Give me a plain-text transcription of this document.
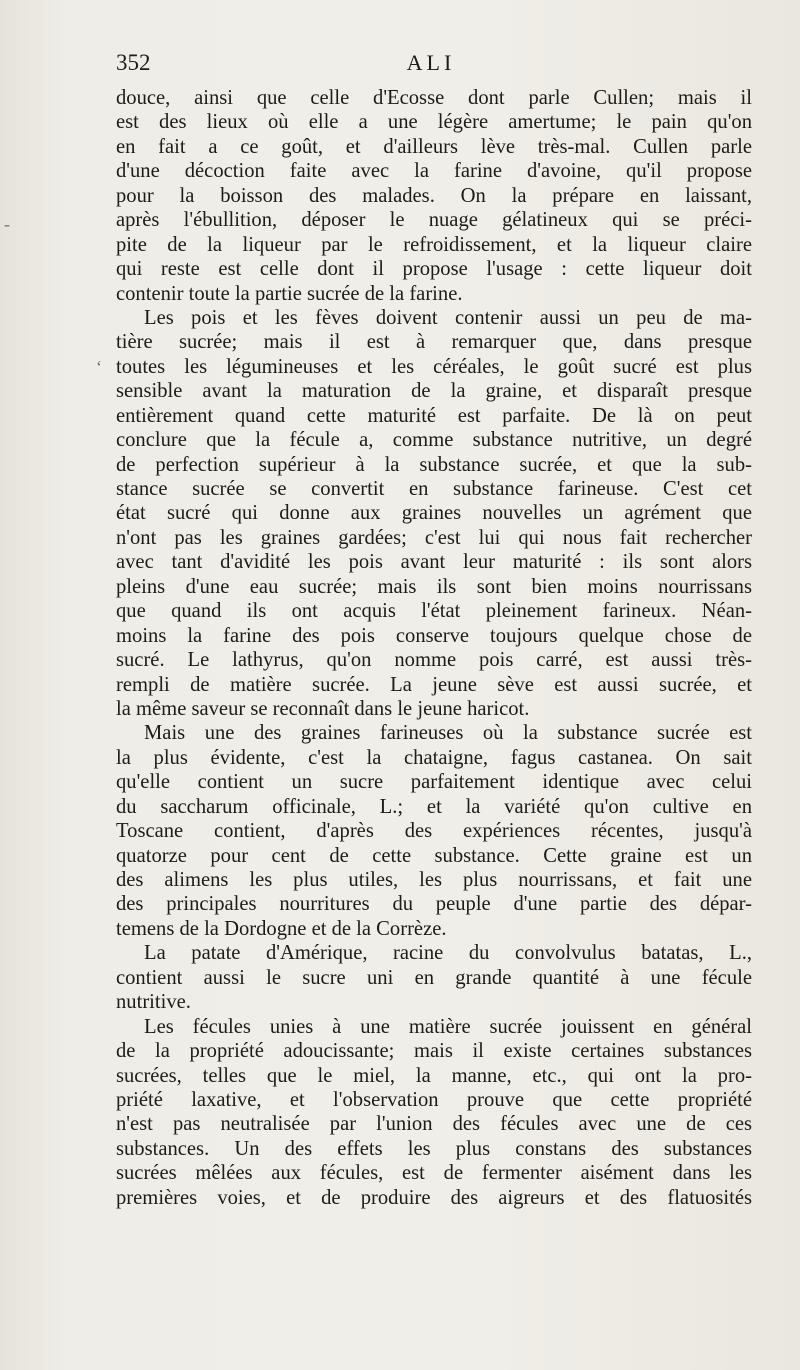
352	ALI
douce, ainsi que celle d'Ecosse dont parle Cullen; mais il
est des lieux où elle a une légère amertume; le pain qu'on
en fait a ce goût, et d'ailleurs lève très-mal. Cullen parle
d'une décoction faite avec la farine d'avoine, qu'il propose
pour la boisson des malades. On la prépare en laissant,
après l'ébullition, déposer le nuage gélatineux qui se préci-
pite de la liqueur par le refroidissement, et la liqueur claire
qui reste est celle dont il propose l'usage : cette liqueur doit
contenir toute la partie sucrée de la farine.
Les pois et les fèves doivent contenir aussi un peu de ma-
tière sucrée; mais il est à remarquer que, dans presque
toutes les légumineuses et les céréales, le goût sucré est plus
sensible avant la maturation de la graine, et disparaît presque
entièrement quand cette maturité est parfaite. De là on peut
conclure que la fécule a, comme substance nutritive, un degré
de perfection supérieur à la substance sucrée, et que la sub-
stance sucrée se convertit en substance farineuse. C'est cet
état sucré qui donne aux graines nouvelles un agrément que
n'ont pas les graines gardées; c'est lui qui nous fait rechercher
avec tant d'avidité les pois avant leur maturité : ils sont alors
pleins d'une eau sucrée; mais ils sont bien moins nourrissans
que quand ils ont acquis l'état pleinement farineux. Néan-
moins la farine des pois conserve toujours quelque chose de
sucré. Le lathyrus, qu'on nomme pois carré, est aussi très-
rempli de matière sucrée. La jeune sève est aussi sucrée, et
la même saveur se reconnaît dans le jeune haricot.
Mais une des graines farineuses où la substance sucrée est
la plus évidente, c'est la chataigne, fagus castanea. On sait
qu'elle contient un sucre parfaitement identique avec celui
du saccharum officinale, L.; et la variété qu'on cultive en
Toscane contient, d'après des expériences récentes, jusqu'à
quatorze pour cent de cette substance. Cette graine est un
des alimens les plus utiles, les plus nourrissans, et fait une
des principales nourritures du peuple d'une partie des dépar-
temens de la Dordogne et de la Corrèze.
La patate d'Amérique, racine du convolvulus batatas, L.,
contient aussi le sucre uni en grande quantité à une fécule
nutritive.
Les fécules unies à une matière sucrée jouissent en général
de la propriété adoucissante; mais il existe certaines substances
sucrées, telles que le miel, la manne, etc., qui ont la pro-
priété laxative, et l'observation prouve que cette propriété
n'est pas neutralisée par l'union des fécules avec une de ces
substances. Un des effets les plus constans des substances
sucrées mêlées aux fécules, est de fermenter aisément dans les
premières voies, et de produire des aigreurs et des flatuosités
-
‘
